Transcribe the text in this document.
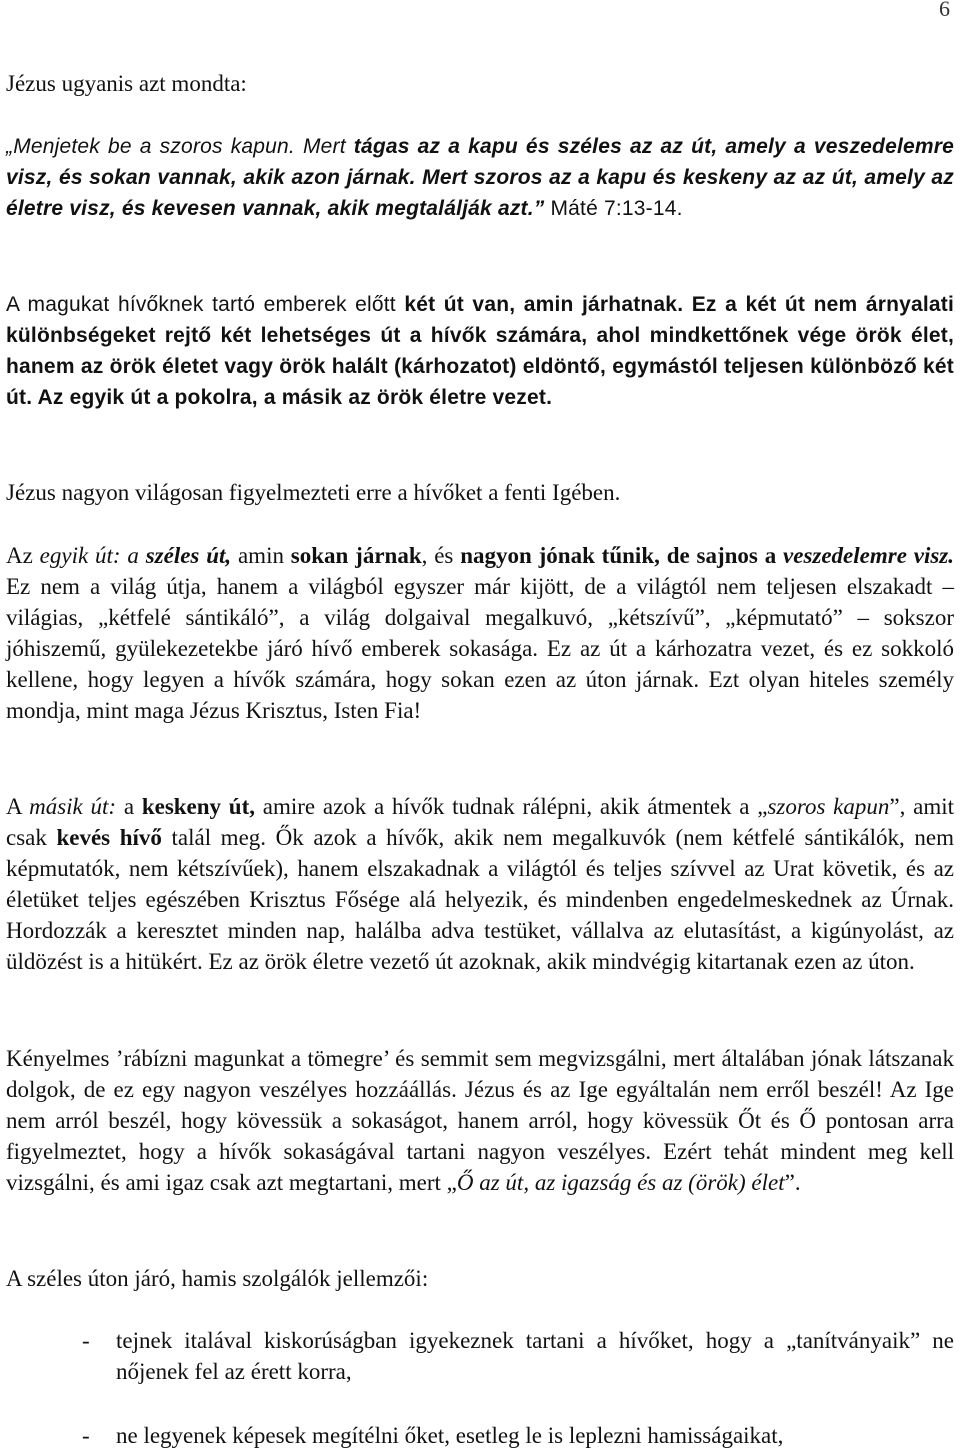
6

Jézus ugyanis azt mondta:

„Menjetek be a szoros kapun. Mert tágas az a kapu és széles az az út, amely a veszedelemre visz, és sokan vannak, akik azon járnak. Mert szoros az a kapu és keskeny az az út, amely az életre visz, és kevesen vannak, akik megtalálják azt.” Máté 7:13-14.

A magukat hívőknek tartó emberek előtt két út van, amin járhatnak. Ez a két út nem árnyalati különbségeket rejtő két lehetséges út a hívők számára, ahol mindkettőnek vége örök élet, hanem az örök életet vagy örök halált (kárhozatot) eldöntő, egymástól teljesen különböző két út. Az egyik út a pokolra, a másik az örök életre vezet.

Jézus nagyon világosan figyelmezteti erre a hívőket a fenti Igében.

Az egyik út: a széles út, amin sokan járnak, és nagyon jónak tűnik, de sajnos a veszedelemre visz. Ez nem a világ útja, hanem a világból egyszer már kijött, de a világtól nem teljesen elszakadt – világias, „kétfelé sántikáló”, a világ dolgaival megalkuvó, „kétszívű”, „képmutató” – sokszor jóhiszemű, gyülekezetekbe járó hívő emberek sokasága. Ez az út a kárhozatra vezet, és ez sokkoló kellene, hogy legyen a hívők számára, hogy sokan ezen az úton járnak. Ezt olyan hiteles személy mondja, mint maga Jézus Krisztus, Isten Fia!

A másik út: a keskeny út, amire azok a hívők tudnak rálépni, akik átmentek a „szoros kapun”, amit csak kevés hívő talál meg. Ők azok a hívők, akik nem megalkuvók (nem kétfelé sántikálók, nem képmutatók, nem kétszívűek), hanem elszakadnak a világtól és teljes szívvel az Urat követik, és az életüket teljes egészében Krisztus Fősége alá helyezik, és mindenben engedelmeskednek az Úrnak. Hordozzák a keresztet minden nap, halálba adva testüket, vállalva az elutasítást, a kigúnyolást, az üldözést is a hitükért. Ez az örök életre vezető út azoknak, akik mindvégig kitartanak ezen az úton.

Kényelmes ’rábízni magunkat a tömegre’ és semmit sem megvizsgálni, mert általában jónak látszanak dolgok, de ez egy nagyon veszélyes hozzáállás. Jézus és az Ige egyáltalán nem erről beszél! Az Ige nem arról beszél, hogy kövessük a sokaságot, hanem arról, hogy kövessük Őt és Ő pontosan arra figyelmeztet, hogy a hívők sokaságával tartani nagyon veszélyes. Ezért tehát mindent meg kell vizsgálni, és ami igaz csak azt megtartani, mert „Ő az út, az igazság és az (örök) élet”.

A széles úton járó, hamis szolgálók jellemzői:

-	tejnek italával kiskorúságban igyekeznek tartani a hívőket, hogy a „tanítványaik” ne nőjenek fel az érett korra,

-	ne legyenek képesek megítélni őket, esetleg le is leplezni hamisságaikat,
